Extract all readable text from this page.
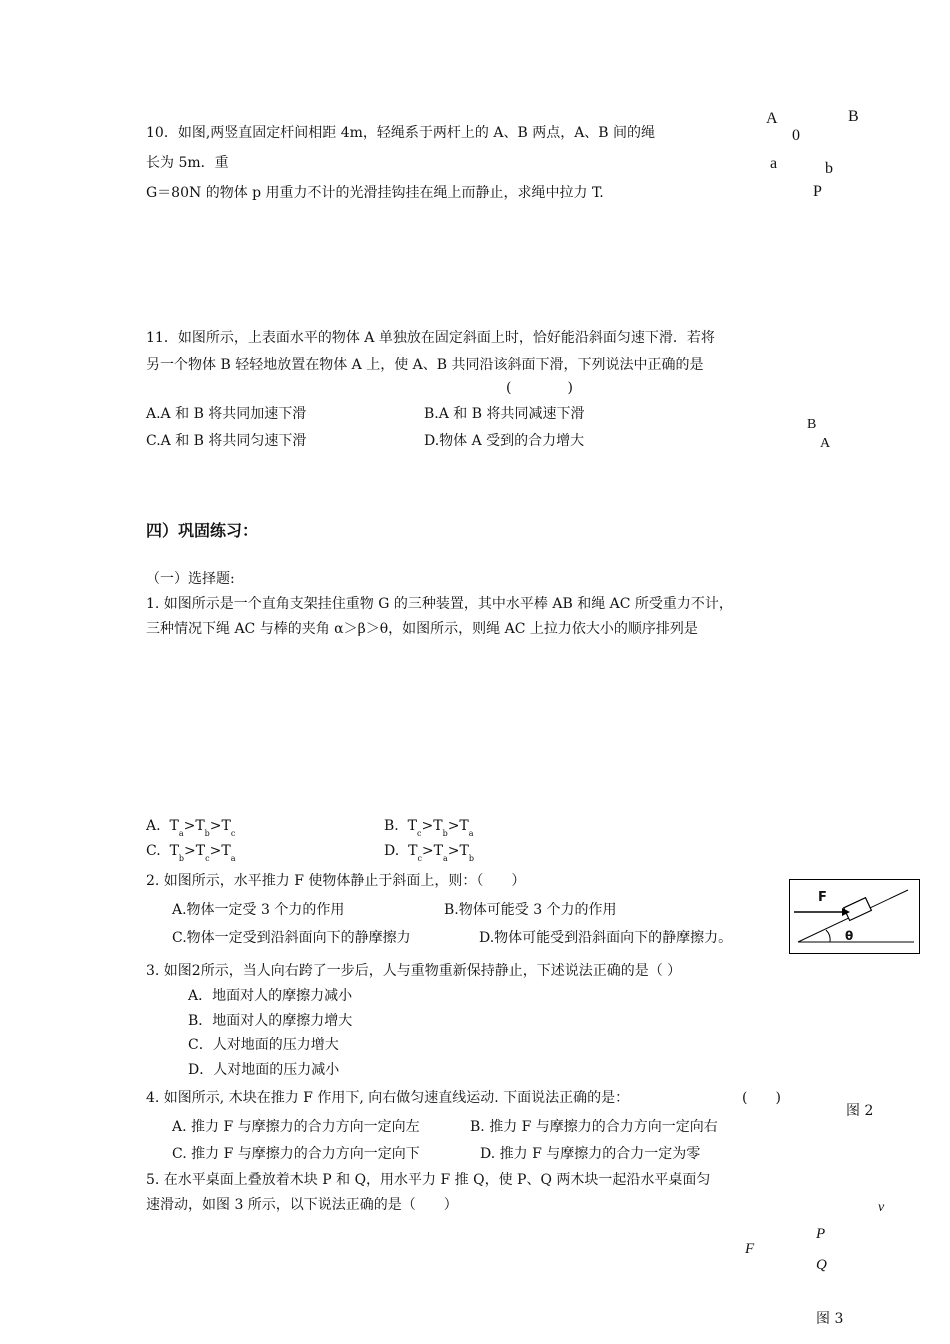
10．如图,两竖直固定杆间相距 4m，轻绳系于两杆上的 A、B 两点，A、B 间的绳
长为 5m．重
G＝80N 的物体 p 用重力不计的光滑挂钩挂在绳上而静止，求绳中拉力 T.
A	B
0
a	b
P
11．如图所示，上表面水平的物体 A 单独放在固定斜面上时，恰好能沿斜面匀速下滑．若将
另一个物体 B 轻轻地放置在物体 A 上，使 A、B 共同沿该斜面下滑，下列说法中正确的是
(　　　　)
A.A 和 B 将共同加速下滑	B.A 和 B 将共同减速下滑
C.A 和 B 将共同匀速下滑	D.物体 A 受到的合力增大
B
A
四）巩固练习：
（一）选择题:
1. 如图所示是一个直角支架挂住重物 G 的三种装置，其中水平棒 AB 和绳 AC 所受重力不计，
三种情况下绳 AC 与棒的夹角 α＞β＞θ，如图所示，则绳 AC 上拉力依大小的顺序排列是
A. $T_a>T_b>T_c$	B. $T_c>T_b>T_a$
C. $T_b>T_c>T_a$	D. $T_c>T_a>T_b$
2. 如图所示，水平推力 F 使物体静止于斜面上，则：（　　）
A.物体一定受 3 个力的作用	B.物体可能受 3 个力的作用
C.物体一定受到沿斜面向下的静摩擦力	D.物体可能受到沿斜面向下的静摩擦力。
F
θ
3. 如图2所示，当人向右跨了一步后，人与重物重新保持静止，下述说法正确的是（ ）
A．地面对人的摩擦力减小
B．地面对人的摩擦力增大
C．人对地面的压力增大
D．人对地面的压力减小
图 2
4. 如图所示, 木块在推力 F 作用下, 向右做匀速直线运动. 下面说法正确的是：	(　　)
A. 推力 F 与摩擦力的合力方向一定向左	B. 推力 F 与摩擦力的合力方向一定向右
C. 推力 F 与摩擦力的合力方向一定向下	D. 推力 F 与摩擦力的合力一定为零
5. 在水平桌面上叠放着木块 P 和 Q，用水平力 F 推 Q，使 P、Q 两木块一起沿水平桌面匀
速滑动，如图 3 所示，以下说法正确的是（　　）	v
P
F
Q
图 3
